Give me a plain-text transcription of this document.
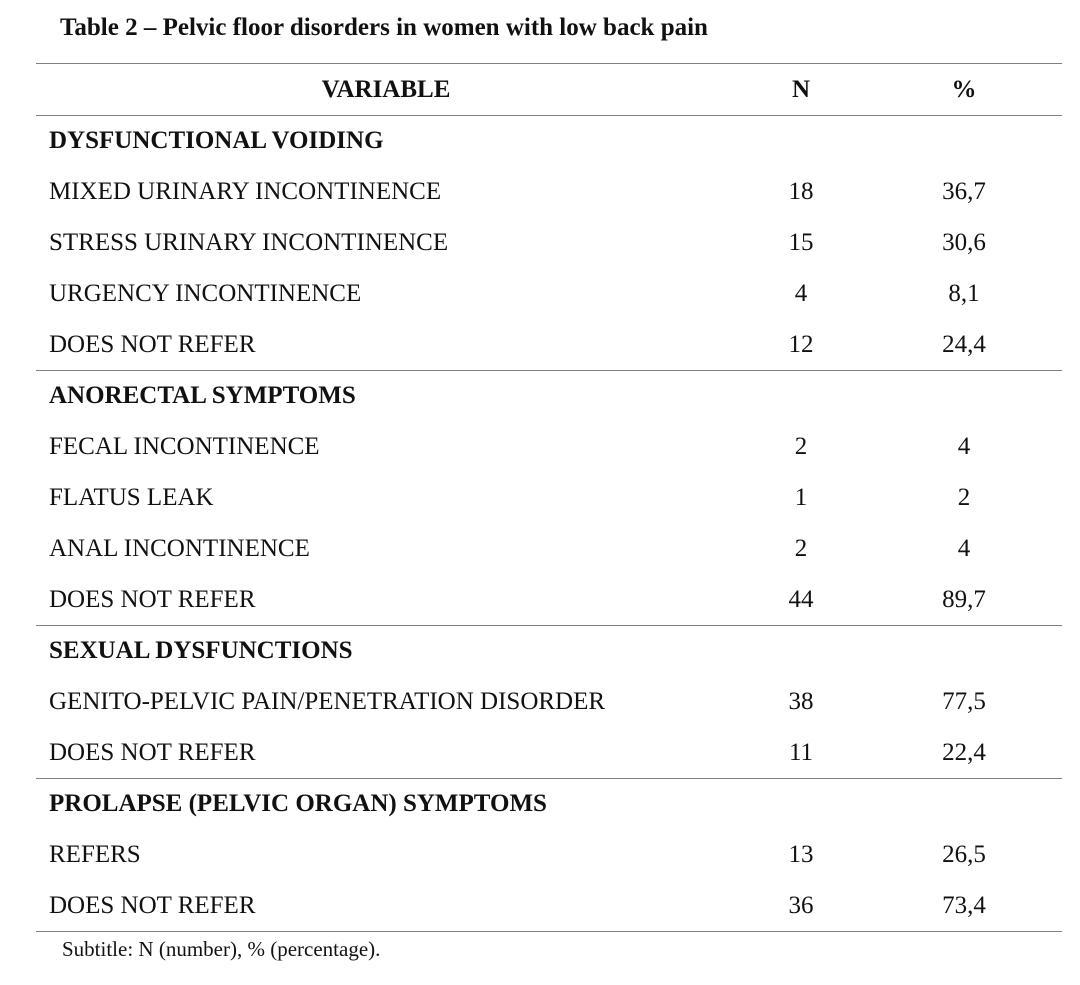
Table 2 – Pelvic floor disorders in women with low back pain
VARIABLE	N	%
DYSFUNCTIONAL VOIDING		
MIXED URINARY INCONTINENCE	18	36,7
STRESS URINARY INCONTINENCE	15	30,6
URGENCY INCONTINENCE	4	8,1
DOES NOT REFER	12	24,4
ANORECTAL SYMPTOMS		
FECAL INCONTINENCE	2	4
FLATUS LEAK	1	2
ANAL INCONTINENCE	2	4
DOES NOT REFER	44	89,7
SEXUAL DYSFUNCTIONS		
GENITO-PELVIC PAIN/PENETRATION DISORDER	38	77,5
DOES NOT REFER	11	22,4
PROLAPSE (PELVIC ORGAN) SYMPTOMS		
REFERS	13	26,5
DOES NOT REFER	36	73,4
Subtitle: N (number), % (percentage).
